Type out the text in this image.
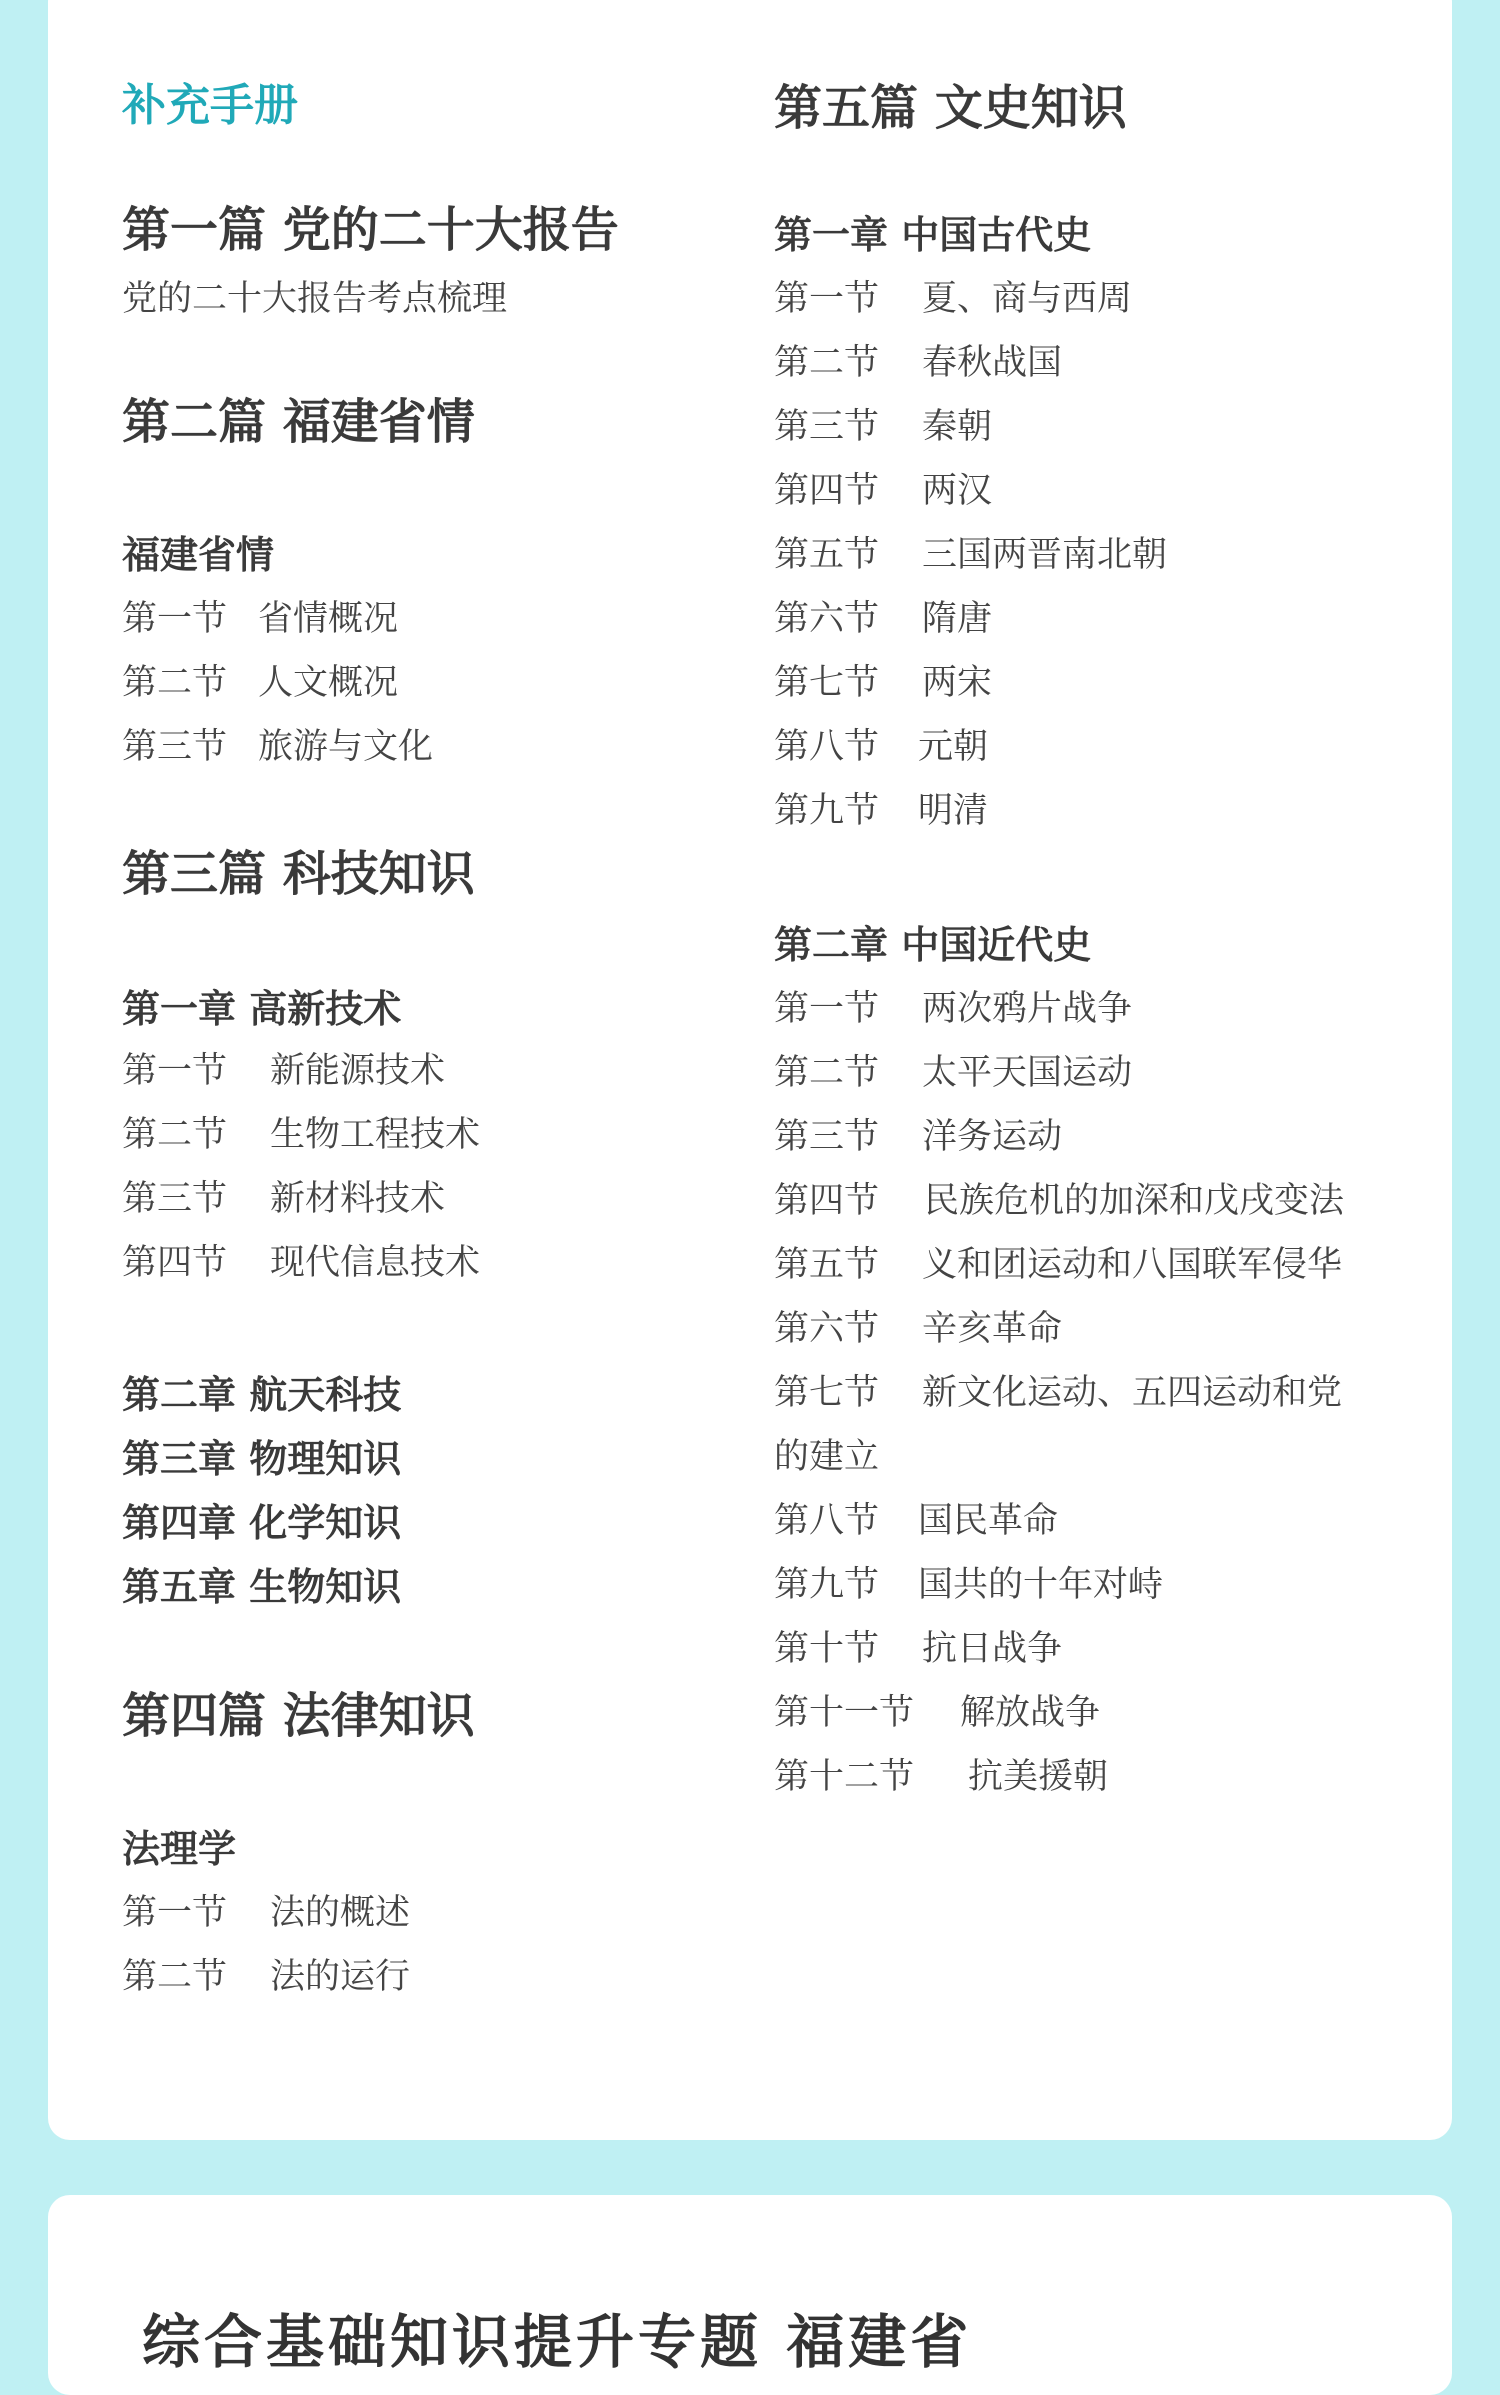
补充手册
第一篇 党的二十大报告
党的二十大报告考点梳理
第二篇 福建省情
福建省情
第一节 省情概况
第二节 人文概况
第三节 旅游与文化
第三篇 科技知识
第一章 高新技术
第一节 新能源技术
第二节 生物工程技术
第三节 新材料技术
第四节 现代信息技术
第二章 航天科技
第三章 物理知识
第四章 化学知识
第五章 生物知识
第四篇 法律知识
法理学
第一节 法的概述
第二节 法的运行
第五篇 文史知识
第一章 中国古代史
第一节 夏、商与西周
第二节 春秋战国
第三节 秦朝
第四节 两汉
第五节 三国两晋南北朝
第六节 隋唐
第七节 两宋
第八节 元朝
第九节 明清
第二章 中国近代史
第一节 两次鸦片战争
第二节 太平天国运动
第三节 洋务运动
第四节 民族危机的加深和戊戌变法
第五节 义和团运动和八国联军侵华
第六节 辛亥革命
第七节 新文化运动、五四运动和党
的建立
第八节 国民革命
第九节 国共的十年对峙
第十节 抗日战争
第十一节 解放战争
第十二节 抗美援朝
综合基础知识提升专题 福建省
